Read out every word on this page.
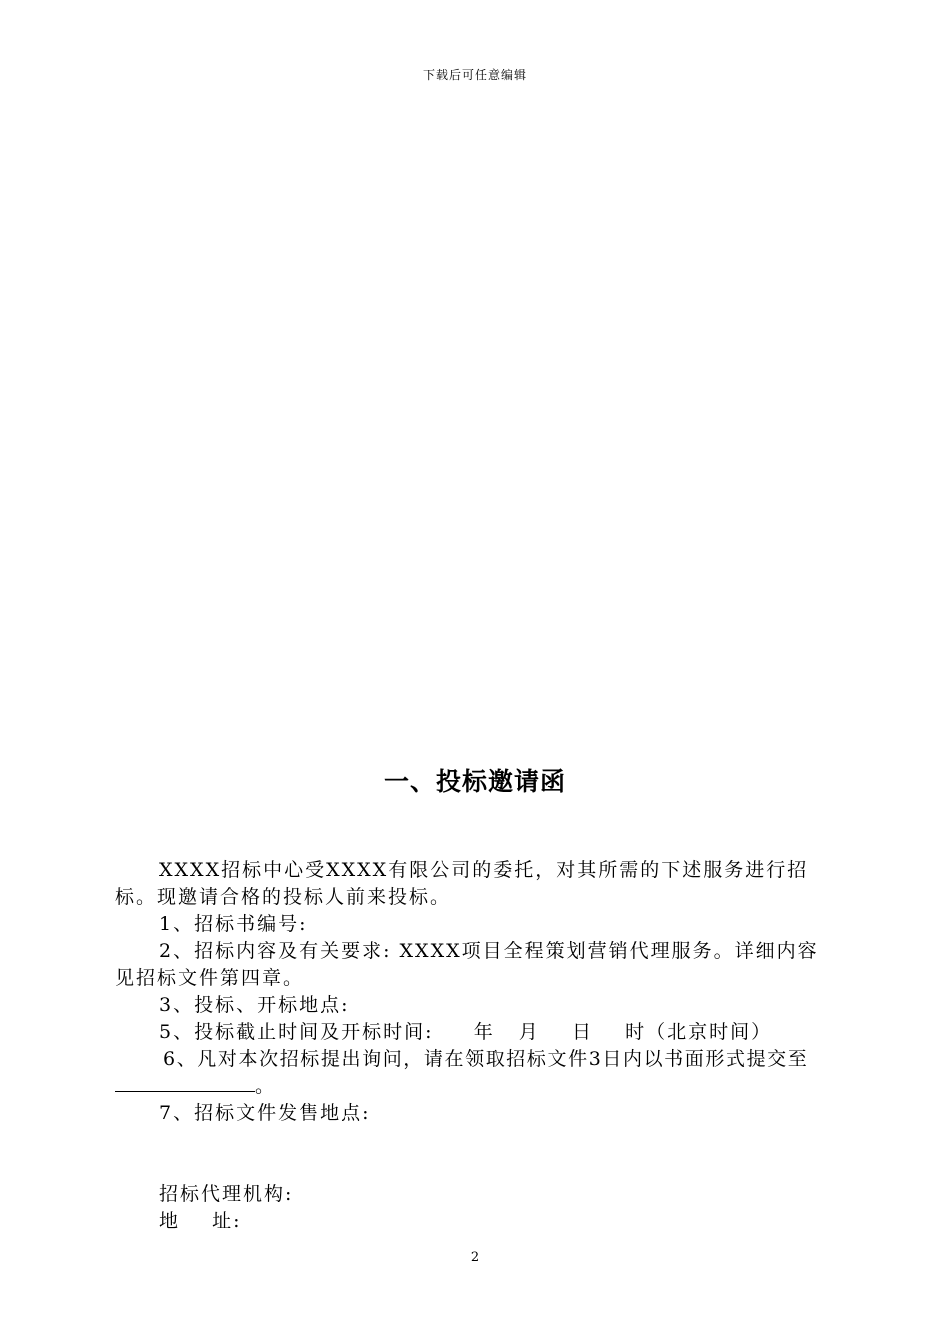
下载后可任意编辑
一、投标邀请函

XXXX招标中心受XXXX有限公司的委托，对其所需的下述服务进行招标。现邀请合格的投标人前来投标。

1、招标书编号:

2、招标内容及有关要求: XXXX项目全程策划营销代理服务。详细内容见招标文件第四章。

3、投标、开标地点:

5、投标截止时间及开标时间:     年   月    日    时（北京时间）

6、凡对本次招标提出询问，请在领取招标文件3日内以书面形式提交至。

7、招标文件发售地点:

招标代理机构:

地    址:

2
